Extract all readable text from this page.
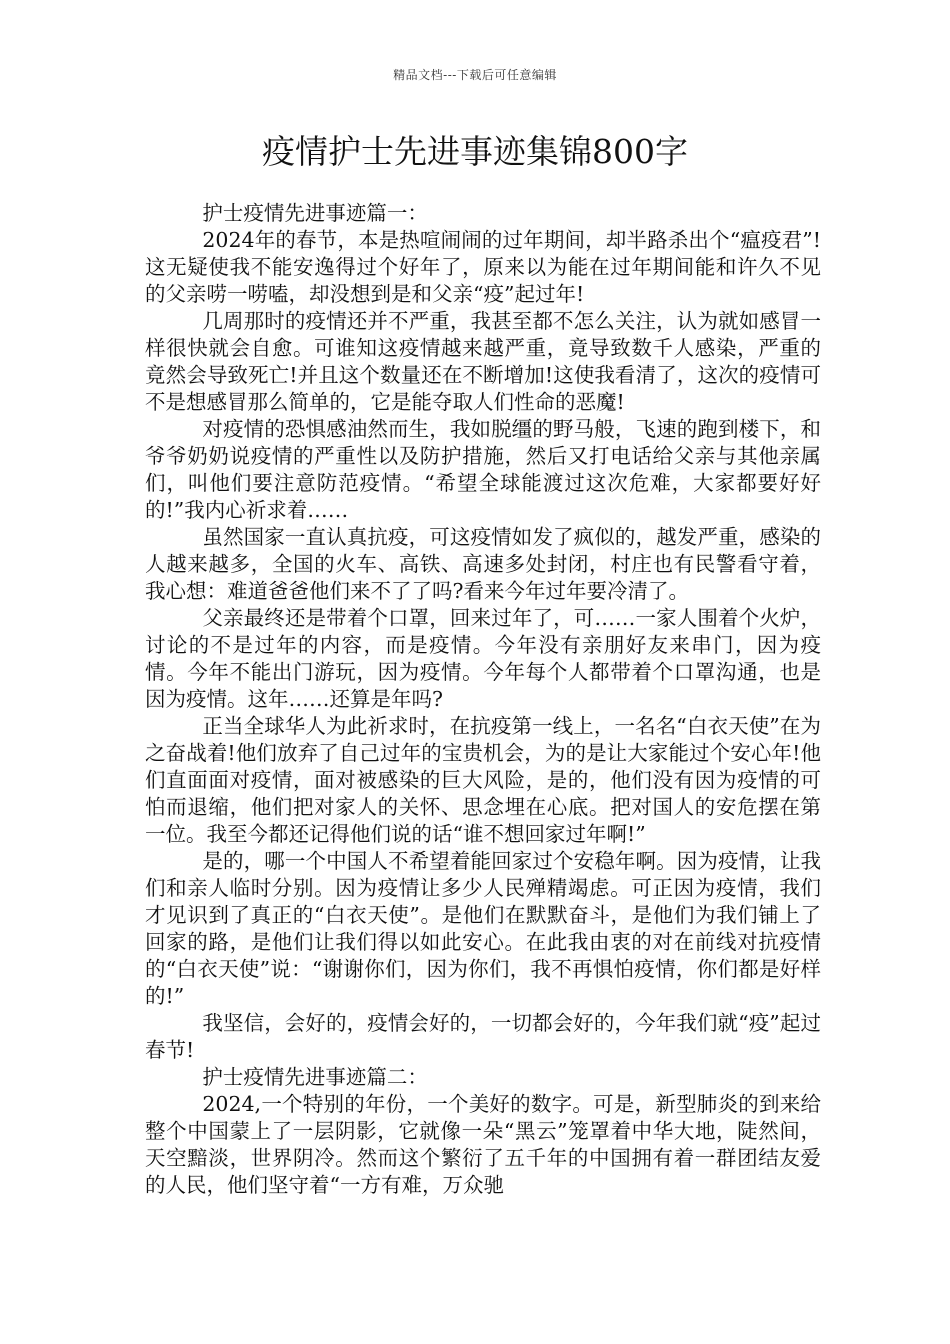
精品文档---下载后可任意编辑
疫情护士先进事迹集锦800字

护士疫情先进事迹篇一：

2024年的春节，本是热喧闹闹的过年期间，却半路杀出个“瘟疫君”!这无疑使我不能安逸得过个好年了，原来以为能在过年期间能和许久不见的父亲唠一唠嗑，却没想到是和父亲“疫”起过年!

几周那时的疫情还并不严重，我甚至都不怎么关注，认为就如感冒一样很快就会自愈。可谁知这疫情越来越严重，竟导致数千人感染，严重的竟然会导致死亡!并且这个数量还在不断增加!这使我看清了，这次的疫情可不是想感冒那么简单的，它是能夺取人们性命的恶魔!

对疫情的恐惧感油然而生，我如脱缰的野马般，飞速的跑到楼下，和爷爷奶奶说疫情的严重性以及防护措施，然后又打电话给父亲与其他亲属们，叫他们要注意防范疫情。“希望全球能渡过这次危难，大家都要好好的!”我内心祈求着……

虽然国家一直认真抗疫，可这疫情如发了疯似的，越发严重，感染的人越来越多，全国的火车、高铁、高速多处封闭，村庄也有民警看守着，我心想：难道爸爸他们来不了了吗?看来今年过年要冷清了。

父亲最终还是带着个口罩，回来过年了，可……一家人围着个火炉，讨论的不是过年的内容，而是疫情。今年没有亲朋好友来串门，因为疫情。今年不能出门游玩，因为疫情。今年每个人都带着个口罩沟通，也是因为疫情。这年……还算是年吗?

正当全球华人为此祈求时，在抗疫第一线上，一名名“白衣天使”在为之奋战着!他们放弃了自己过年的宝贵机会，为的是让大家能过个安心年!他们直面面对疫情，面对被感染的巨大风险，是的，他们没有因为疫情的可怕而退缩，他们把对家人的关怀、思念埋在心底。把对国人的安危摆在第一位。我至今都还记得他们说的话“谁不想回家过年啊!”

是的，哪一个中国人不希望着能回家过个安稳年啊。因为疫情，让我们和亲人临时分别。因为疫情让多少人民殚精竭虑。可正因为疫情，我们才见识到了真正的“白衣天使”。是他们在默默奋斗，是他们为我们铺上了回家的路，是他们让我们得以如此安心。在此我由衷的对在前线对抗疫情的“白衣天使”说：“谢谢你们，因为你们，我不再惧怕疫情，你们都是好样的!”

我坚信，会好的，疫情会好的，一切都会好的，今年我们就“疫”起过春节!

护士疫情先进事迹篇二：

2024,一个特别的年份，一个美好的数字。可是，新型肺炎的到来给整个中国蒙上了一层阴影，它就像一朵“黑云”笼罩着中华大地，陡然间，天空黯淡，世界阴冷。然而这个繁衍了五千年的中国拥有着一群团结友爱的人民，他们坚守着“一方有难，万众驰
